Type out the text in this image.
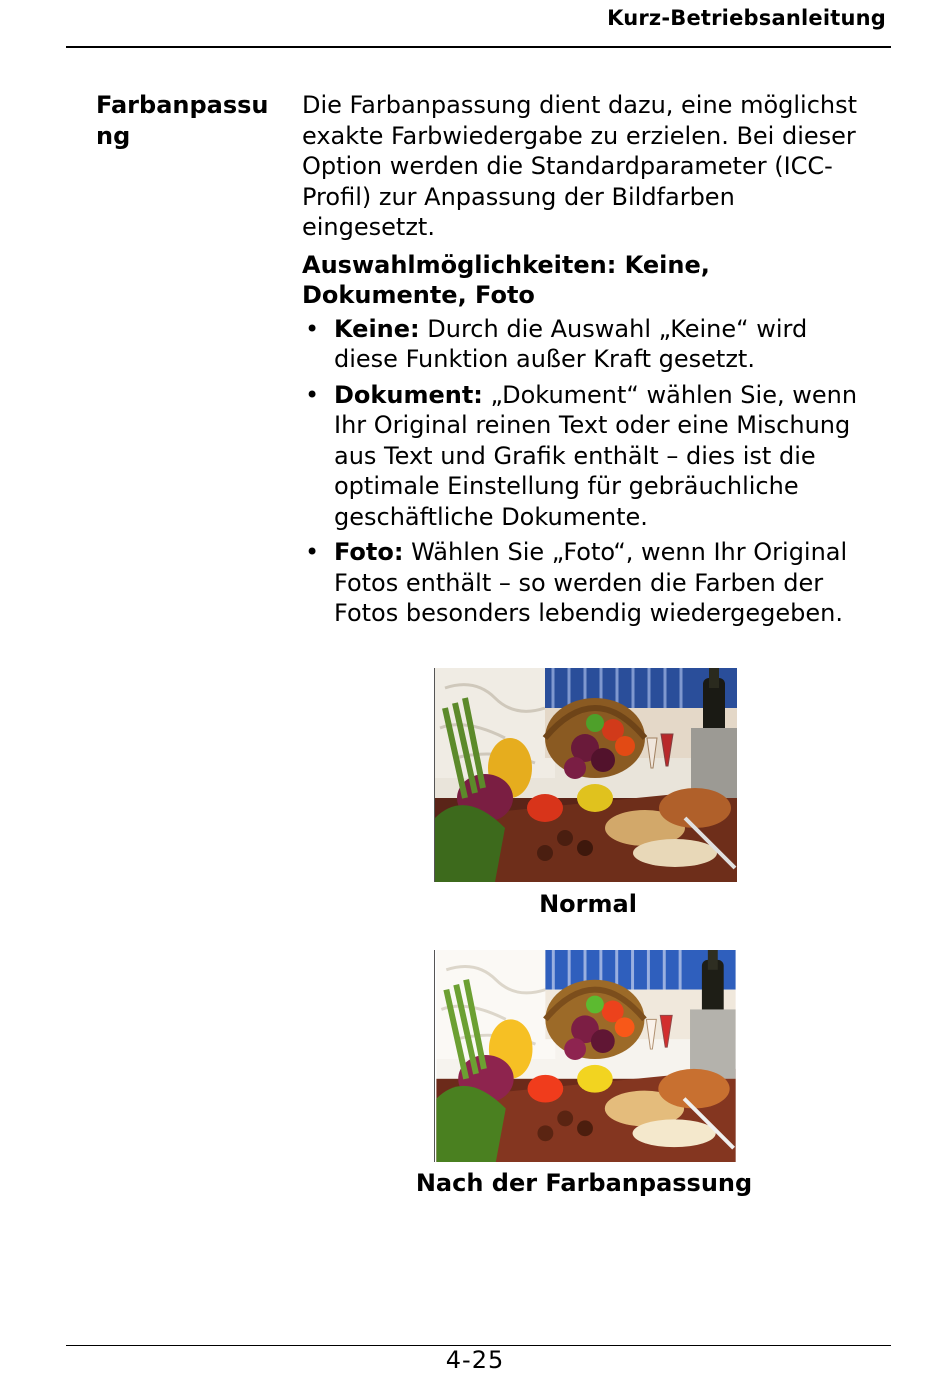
Kurz-Betriebsanleitung
Farbanpassu
ng

Die Farbanpassung dient dazu, eine möglichst exakte Farbwiedergabe zu erzielen. Bei dieser Option werden die Standardparameter (ICC-Profil) zur Anpassung der Bildfarben eingesetzt.

Auswahlmöglichkeiten: Keine, Dokumente, Foto

• Keine: Durch die Auswahl „Keine“ wird diese Funktion außer Kraft gesetzt.
• Dokument: „Dokument“ wählen Sie, wenn Ihr Original reinen Text oder eine Mischung aus Text und Grafik enthält – dies ist die optimale Einstellung für gebräuchliche geschäftliche Dokumente.
• Foto: Wählen Sie „Foto“, wenn Ihr Original Fotos enthält – so werden die Farben der Fotos besonders lebendig wiedergegeben.
Normal
Nach der Farbanpassung
4-25
